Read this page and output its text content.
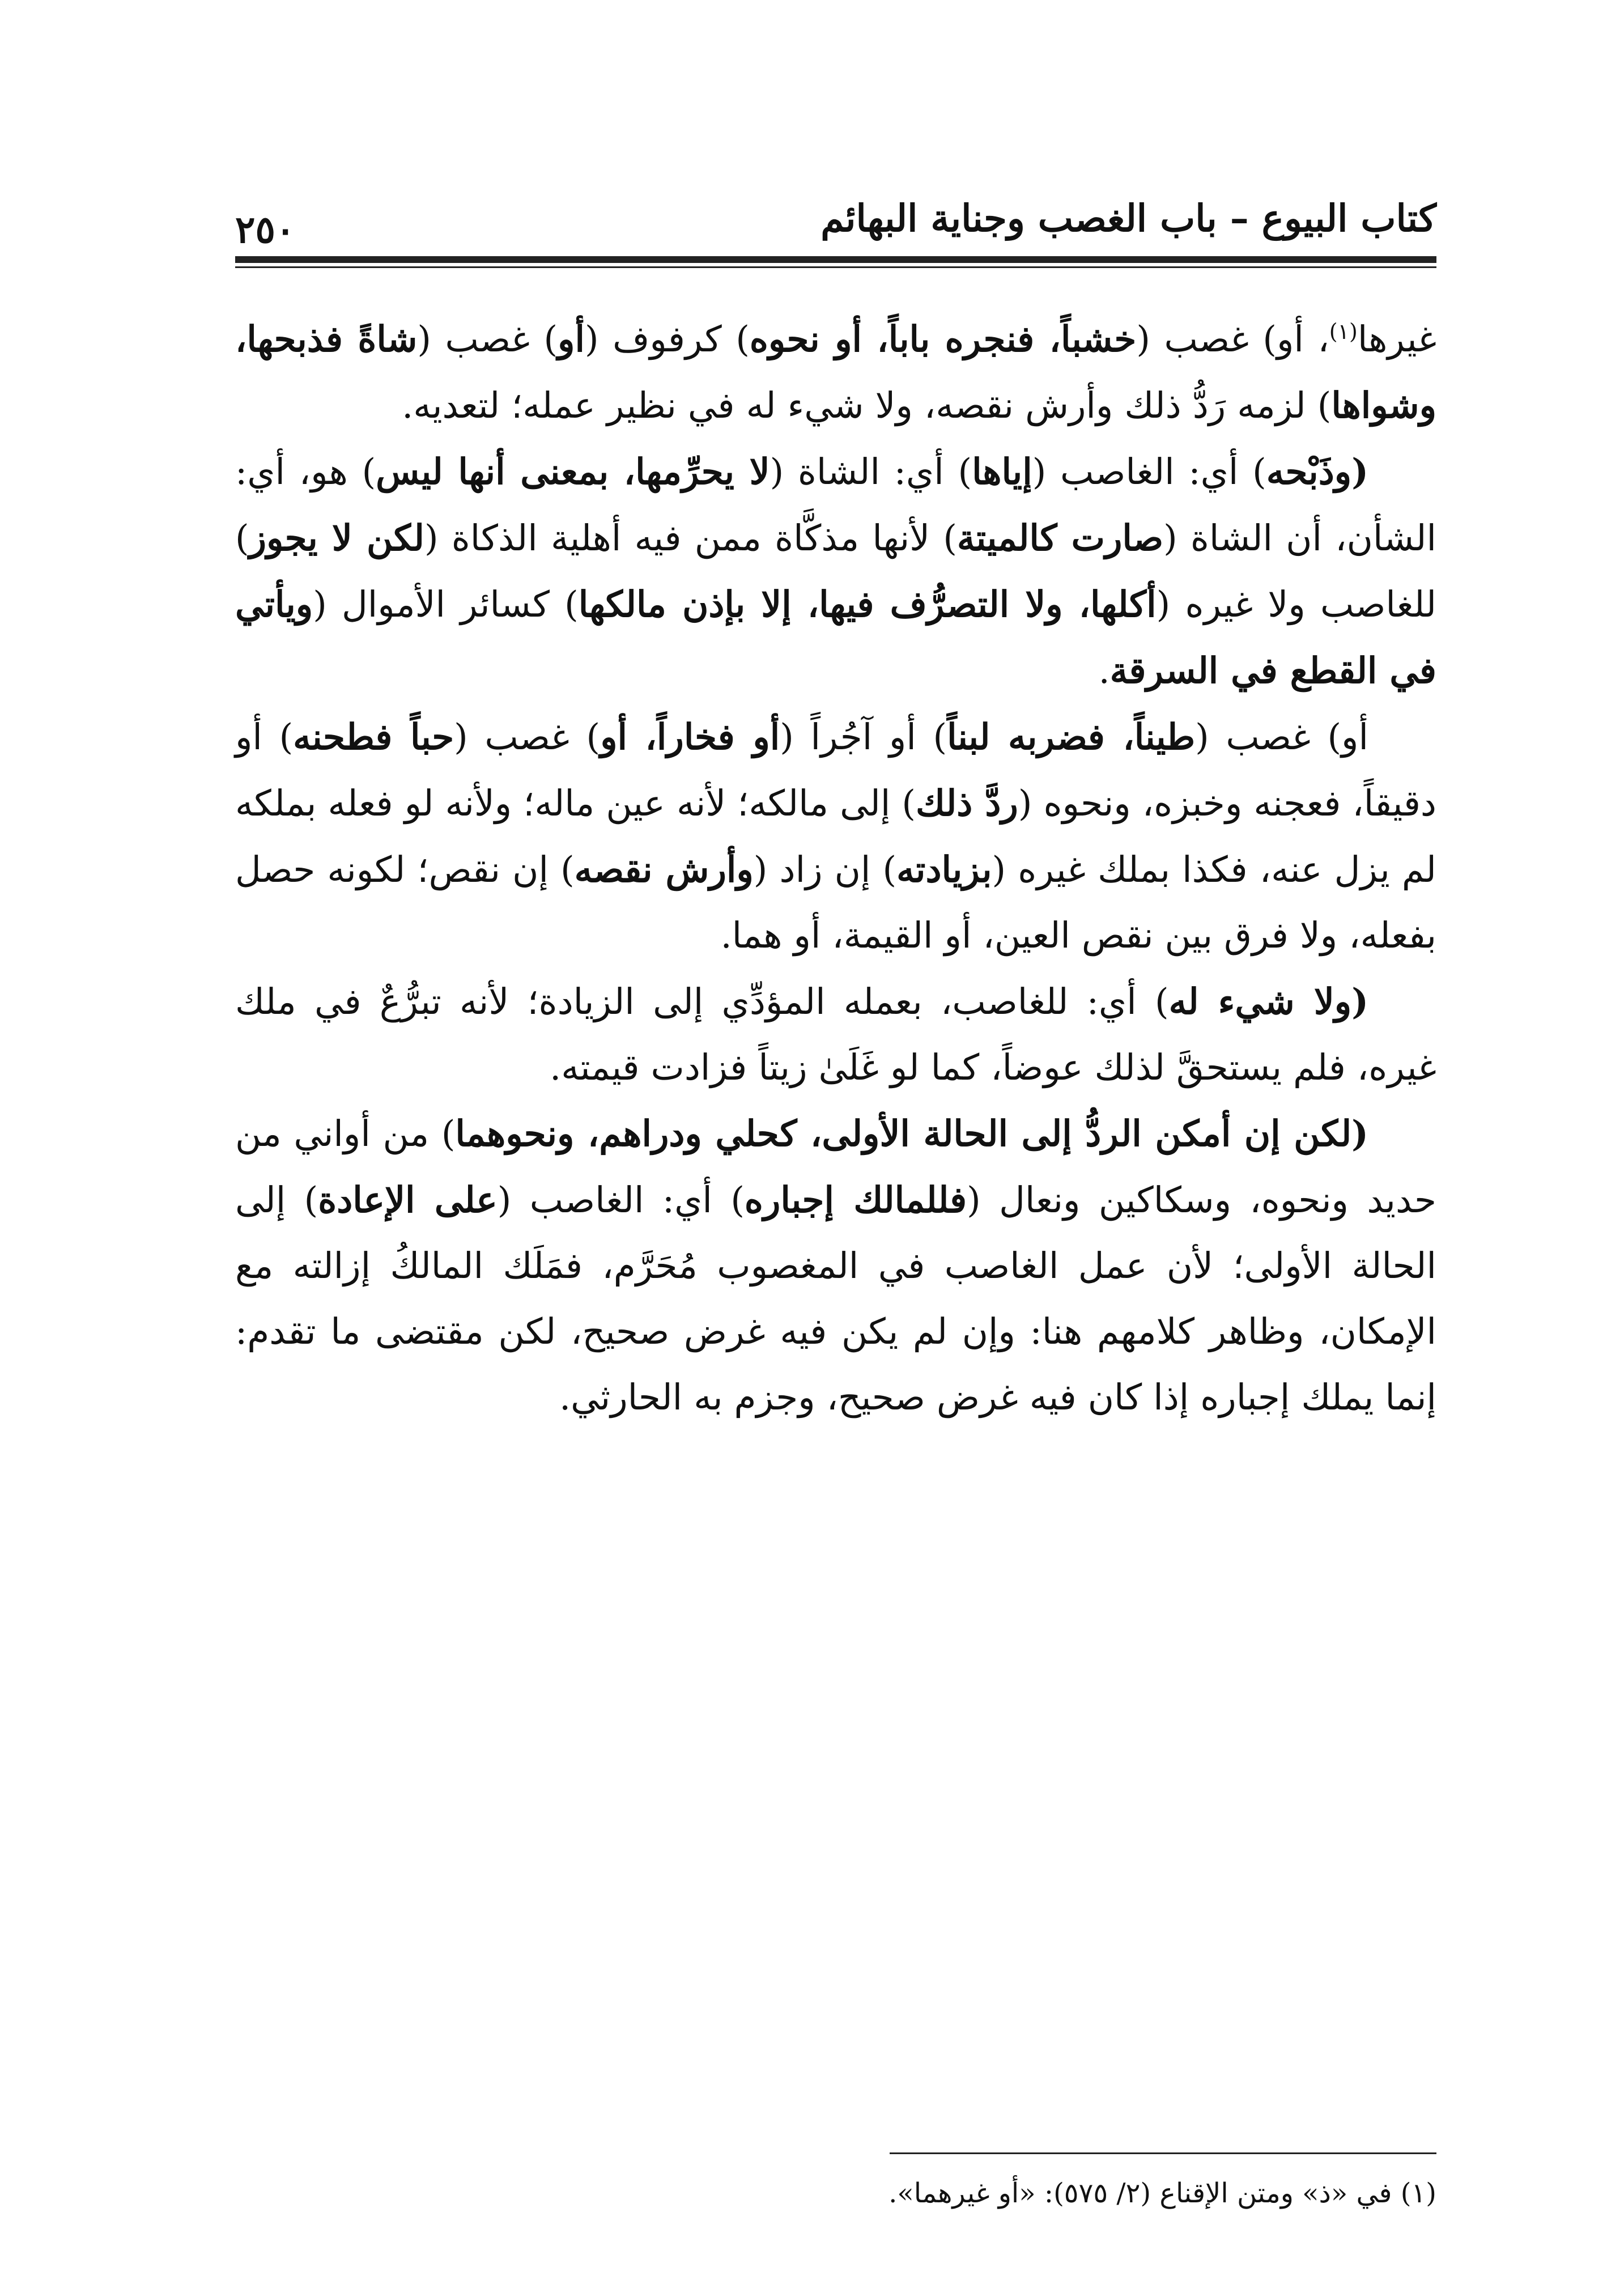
كتاب البيوع – باب الغصب وجناية البهائم
٢٥٠

غيرها$^{(١)}$، أو) غصب (خشباً، فنجره باباً، أو نحوه) كرفوف (أو) غصب (شاةً فذبحها، وشواها) لزمه رَدُّ ذلك وأرش نقصه، ولا شيء له في نظير عمله؛ لتعديه.

(وذَبْحه) أي: الغاصب (إياها) أي: الشاة (لا يحرِّمها، بمعنى أنها ليس) هو، أي: الشأن، أن الشاة (صارت كالميتة) لأنها مذكَّاة ممن فيه أهلية الذكاة (لكن لا يجوز) للغاصب ولا غيره (أكلها، ولا التصرُّف فيها، إلا بإذن مالكها) كسائر الأموال (ويأتي في القطع في السرقة.

أو) غصب (طيناً، فضربه لبناً) أو آجُراً (أو فخاراً، أو) غصب (حباً فطحنه) أو دقيقاً، فعجنه وخبزه، ونحوه (ردَّ ذلك) إلى مالكه؛ لأنه عين ماله؛ ولأنه لو فعله بملكه لم يزل عنه، فكذا بملك غيره (بزيادته) إن زاد (وأرش نقصه) إن نقص؛ لكونه حصل بفعله، ولا فرق بين نقص العين، أو القيمة، أو هما.

(ولا شيء له) أي: للغاصب، بعمله المؤدِّي إلى الزيادة؛ لأنه تبرُّعٌ في ملك غيره، فلم يستحقَّ لذلك عوضاً، كما لو غَلَىٰ زيتاً فزادت قيمته.

(لكن إن أمكن الردُّ إلى الحالة الأولى، كحلي ودراهم، ونحوهما) من أواني من حديد ونحوه، وسكاكين ونعال (فللمالك إجباره) أي: الغاصب (على الإعادة) إلى الحالة الأولى؛ لأن عمل الغاصب في المغصوب مُحَرَّم، فمَلَك المالكُ إزالته مع الإمكان، وظاهر كلامهم هنا: وإن لم يكن فيه غرض صحيح، لكن مقتضى ما تقدم: إنما يملك إجباره إذا كان فيه غرض صحيح، وجزم به الحارثي.

(١) في «ذ» ومتن الإقناع (٢/ ٥٧٥): «أو غيرهما».
